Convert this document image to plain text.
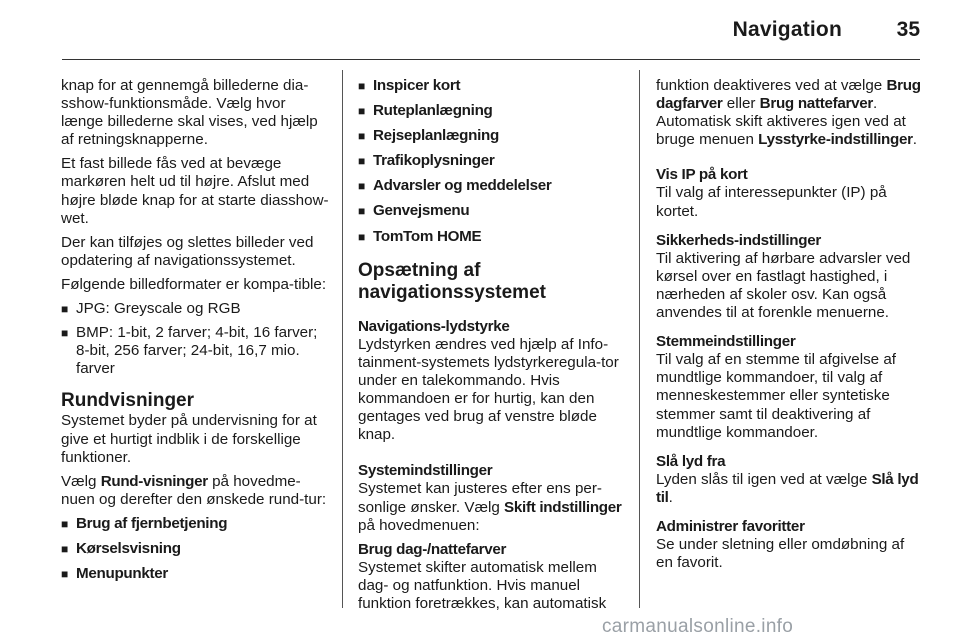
Navigation	35

knap for at gennemgå billederne dia-sshow-funktionsmåde. Vælg hvor længe billederne skal vises, ved hjælp af retningsknapperne.

Et fast billede fås ved at bevæge markøren helt ud til højre. Afslut med højre bløde knap for at starte diasshow-wet.

Der kan tilføjes og slettes billeder ved opdatering af navigationssystemet.

Følgende billedformater er kompa-tible:

■ JPG: Greyscale og RGB
■ BMP: 1-bit, 2 farver; 4-bit, 16 farver; 8-bit, 256 farver; 24-bit, 16,7 mio. farver
Rundvisninger

Systemet byder på undervisning for at give et hurtigt indblik i de forskellige funktioner.

Vælg Rund-visninger på hovedme-nuen og derefter den ønskede rund-tur:

■ Brug af fjernbetjening
■ Kørselsvisning
■ Menupunkter
■ Inspicer kort
■ Ruteplanlægning
■ Rejseplanlægning
■ Trafikoplysninger
■ Advarsler og meddelelser
■ Genvejsmenu
■ TomTom HOME
Opsætning af navigationssystemet
Navigations-lydstyrke
Lydstyrken ændres ved hjælp af Info-tainment-systemets lydstyrkeregula-tor under en talekommando. Hvis kommandoen er for hurtig, kan den gentages ved brug af venstre bløde knap.
Systemindstillinger
Systemet kan justeres efter ens per-sonlige ønsker. Vælg Skift indstillinger på hovedmenuen:
Brug dag-/nattefarver
Systemet skifter automatisk mellem dag- og natfunktion. Hvis manuel funktion foretrækkes, kan automatisk
funktion deaktiveres ved at vælge Brug dagfarver eller Brug nattefarver. Automatisk skift aktiveres igen ved at bruge menuen Lysstyrke-indstillinger.
Vis IP på kort
Til valg af interessepunkter (IP) på kortet.
Sikkerheds-indstillinger
Til aktivering af hørbare advarsler ved kørsel over en fastlagt hastighed, i nærheden af skoler osv. Kan også anvendes til at forenkle menuerne.
Stemmeindstillinger
Til valg af en stemme til afgivelse af mundtlige kommandoer, til valg af menneskestemmer eller syntetiske stemmer samt til deaktivering af mundtlige kommandoer.
Slå lyd fra
Lyden slås til igen ved at vælge Slå lyd til.
Administrer favoritter
Se under sletning eller omdøbning af en favorit.
carmanualsonline.info
